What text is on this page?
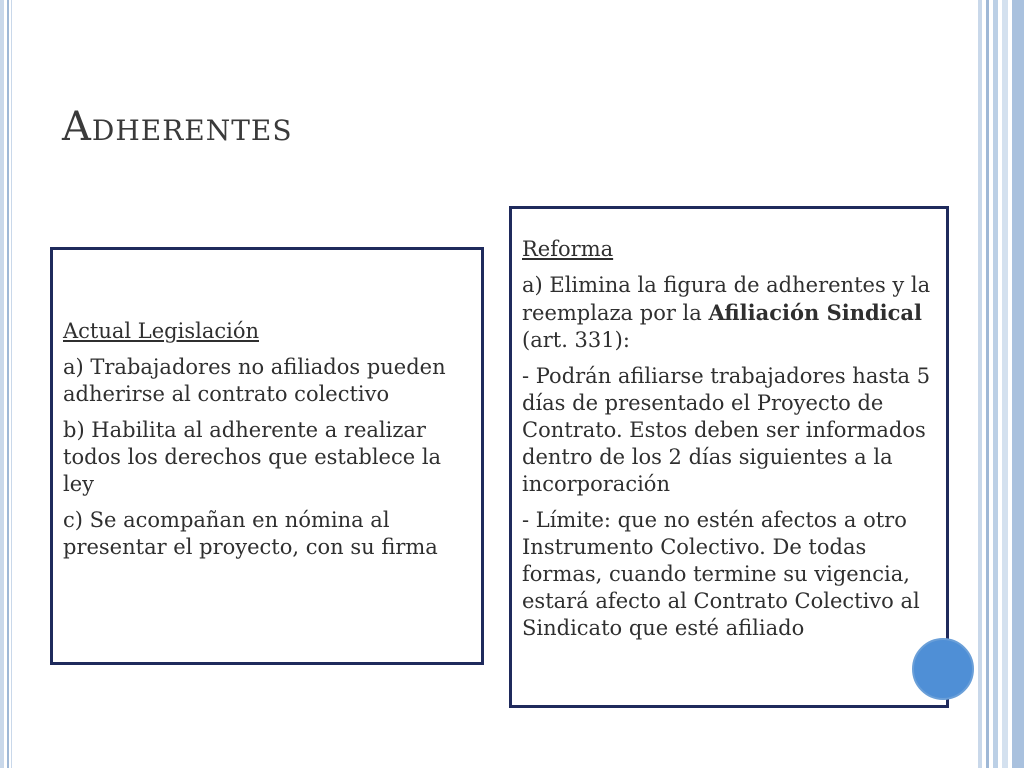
Adherentes

Actual Legislación

a) Trabajadores no afiliados pueden adherirse al contrato colectivo

b) Habilita al adherente a realizar todos los derechos que establece la ley

c) Se acompañan en nómina al presentar el proyecto, con su firma

Reforma

a) Elimina la figura de adherentes y la reemplaza por la Afiliación Sindical (art. 331):

- Podrán afiliarse trabajadores hasta 5 días de presentado el Proyecto de Contrato. Estos deben ser informados dentro de los 2 días siguientes a la incorporación

- Límite: que no estén afectos a otro Instrumento Colectivo. De todas formas, cuando termine su vigencia, estará afecto al Contrato Colectivo al Sindicato que esté afiliado
